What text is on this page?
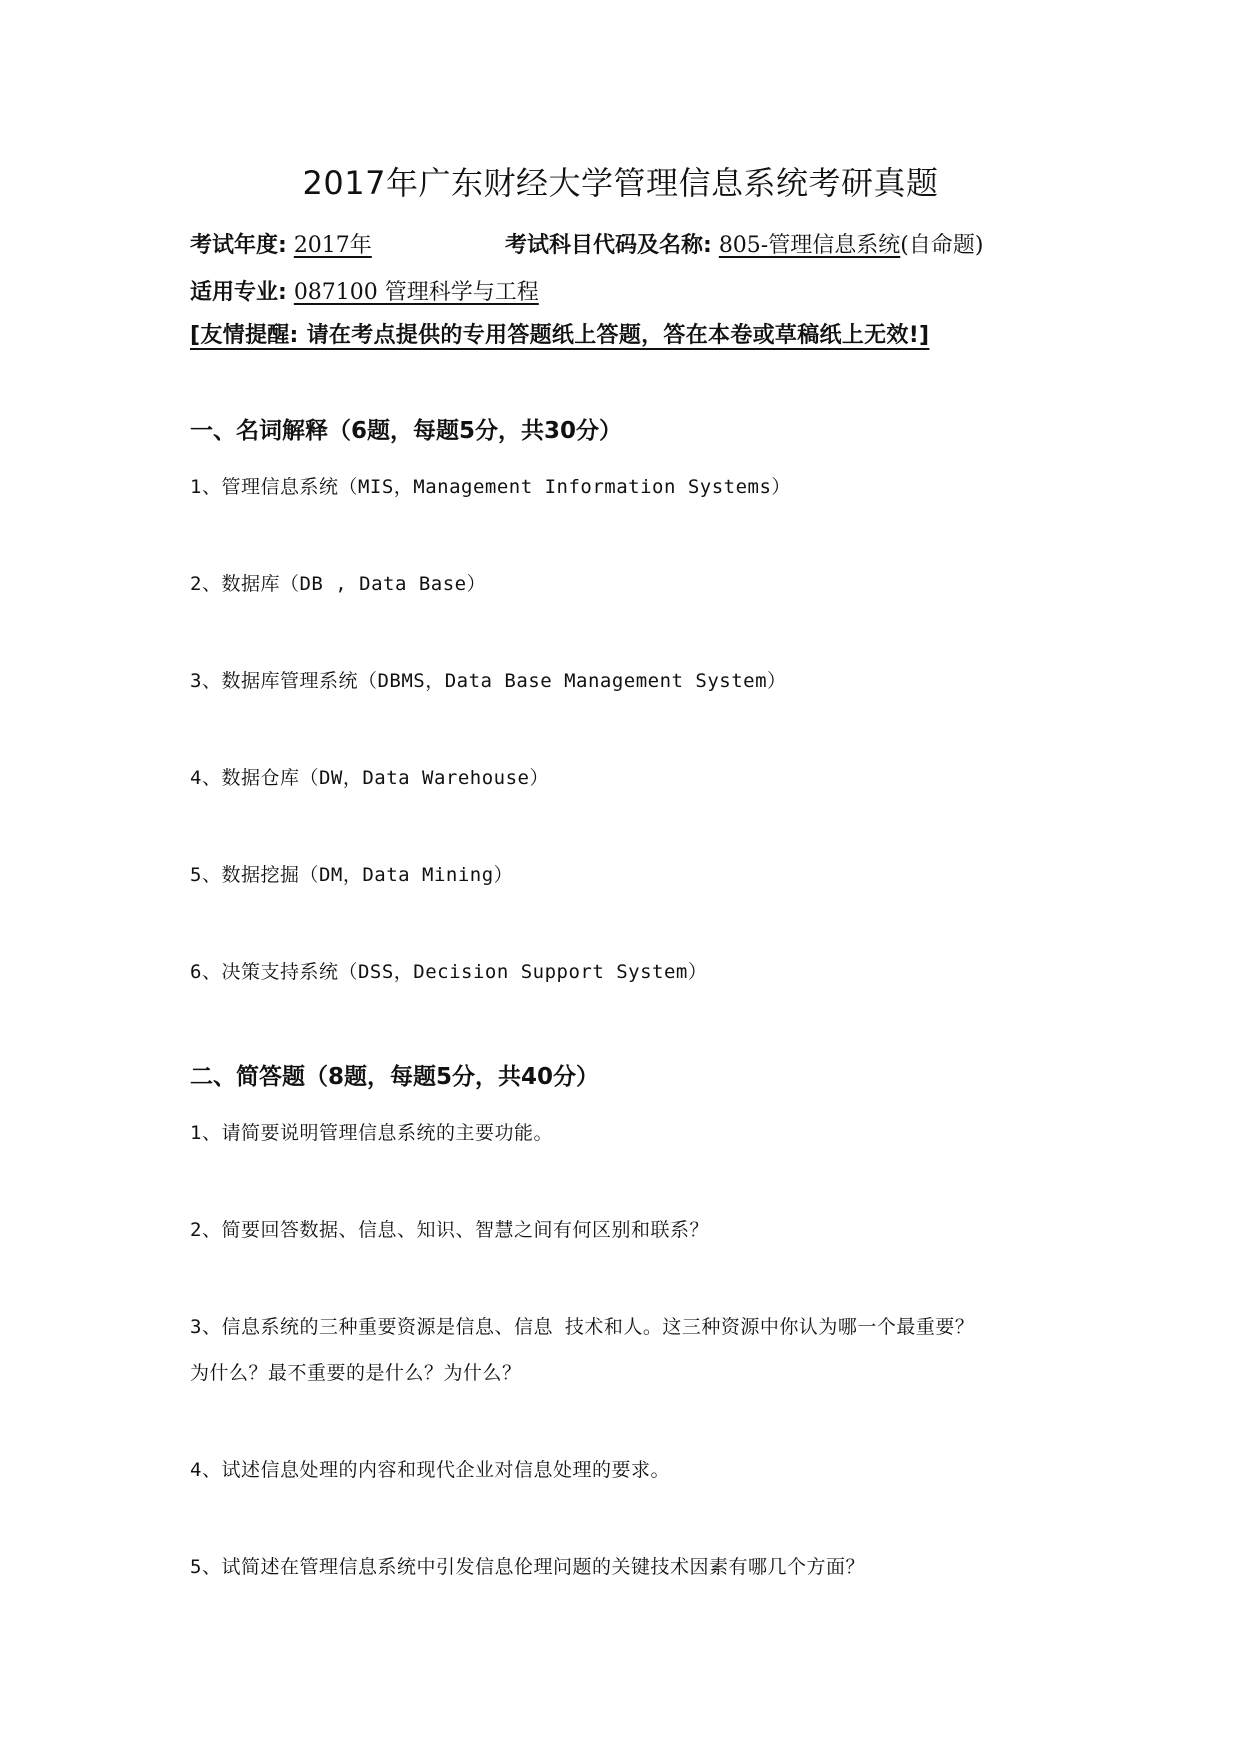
2017年广东财经大学管理信息系统考研真题
考试年度: 2017年	考试科目代码及名称: 805-管理信息系统(自命题)
适用专业: 087100 管理科学与工程
[友情提醒: 请在考点提供的专用答题纸上答题，答在本卷或草稿纸上无效!]
一、名词解释（6题，每题5分，共30分）
1、管理信息系统（MIS，Management Information Systems）
2、数据库（DB , Data Base）
3、数据库管理系统（DBMS，Data Base Management System）
4、数据仓库（DW，Data Warehouse）
5、数据挖掘（DM，Data Mining）
6、决策支持系统（DSS，Decision Support System）
二、简答题（8题，每题5分，共40分）
1、请简要说明管理信息系统的主要功能。
2、简要回答数据、信息、知识、智慧之间有何区别和联系？
3、信息系统的三种重要资源是信息、信息 技术和人。这三种资源中你认为哪一个最重要？
为什么？最不重要的是什么？为什么？
4、试述信息处理的内容和现代企业对信息处理的要求。
5、试简述在管理信息系统中引发信息伦理问题的关键技术因素有哪几个方面？
